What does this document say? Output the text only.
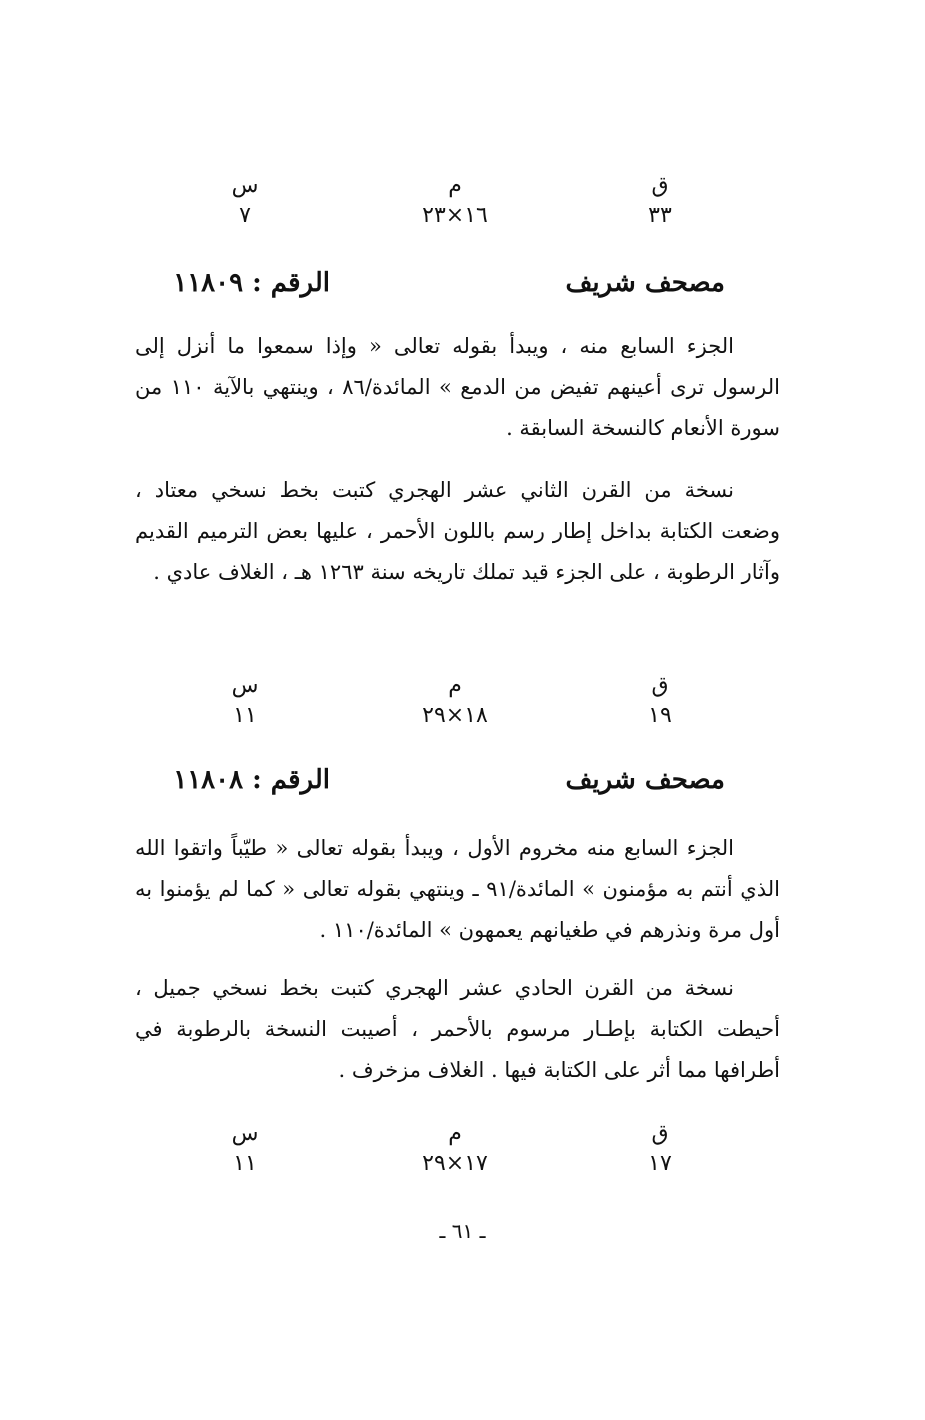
ق
م
س
٣٣
١٦×٢٣
٧
مصحف شريف
الرقم : ١١٨٠٩

الجزء السابع منه ، ويبدأ بقوله تعالى « وإذا سمعوا ما أنزل إلى الرسول ترى أعينهم تفيض من الدمع » المائدة/٨٦ ، وينتهي بالآية ١١٠ من سورة الأنعام كالنسخة السابقة .

نسخة من القرن الثاني عشر الهجري كتبت بخط نسخي معتاد ، وضعت الكتابة بداخل إطار رسم باللون الأحمر ، عليها بعض الترميم القديم وآثار الرطوبة ، على الجزء قيد تملك تاريخه سنة ١٢٦٣ هـ ، الغلاف عادي .

ق
م
س
١٩
١٨×٢٩
١١
مصحف شريف
الرقم : ١١٨٠٨

الجزء السابع منه مخروم الأول ، ويبدأ بقوله تعالى « طيّباً واتقوا الله الذي أنتم به مؤمنون » المائدة/٩١ ـ وينتهي بقوله تعالى « كما لم يؤمنوا به أول مرة ونذرهم في طغيانهم يعمهون » المائدة/١١٠ .

نسخة من القرن الحادي عشر الهجري كتبت بخط نسخي جميل ، أحيطت الكتابة بإطـار مرسوم بالأحمر ، أصيبت النسخة بالرطوبة في أطرافها مما أثر على الكتابة فيها . الغلاف مزخرف .

ق
م
س
١٧
١٧×٢٩
١١
ـ ٦١ ـ
